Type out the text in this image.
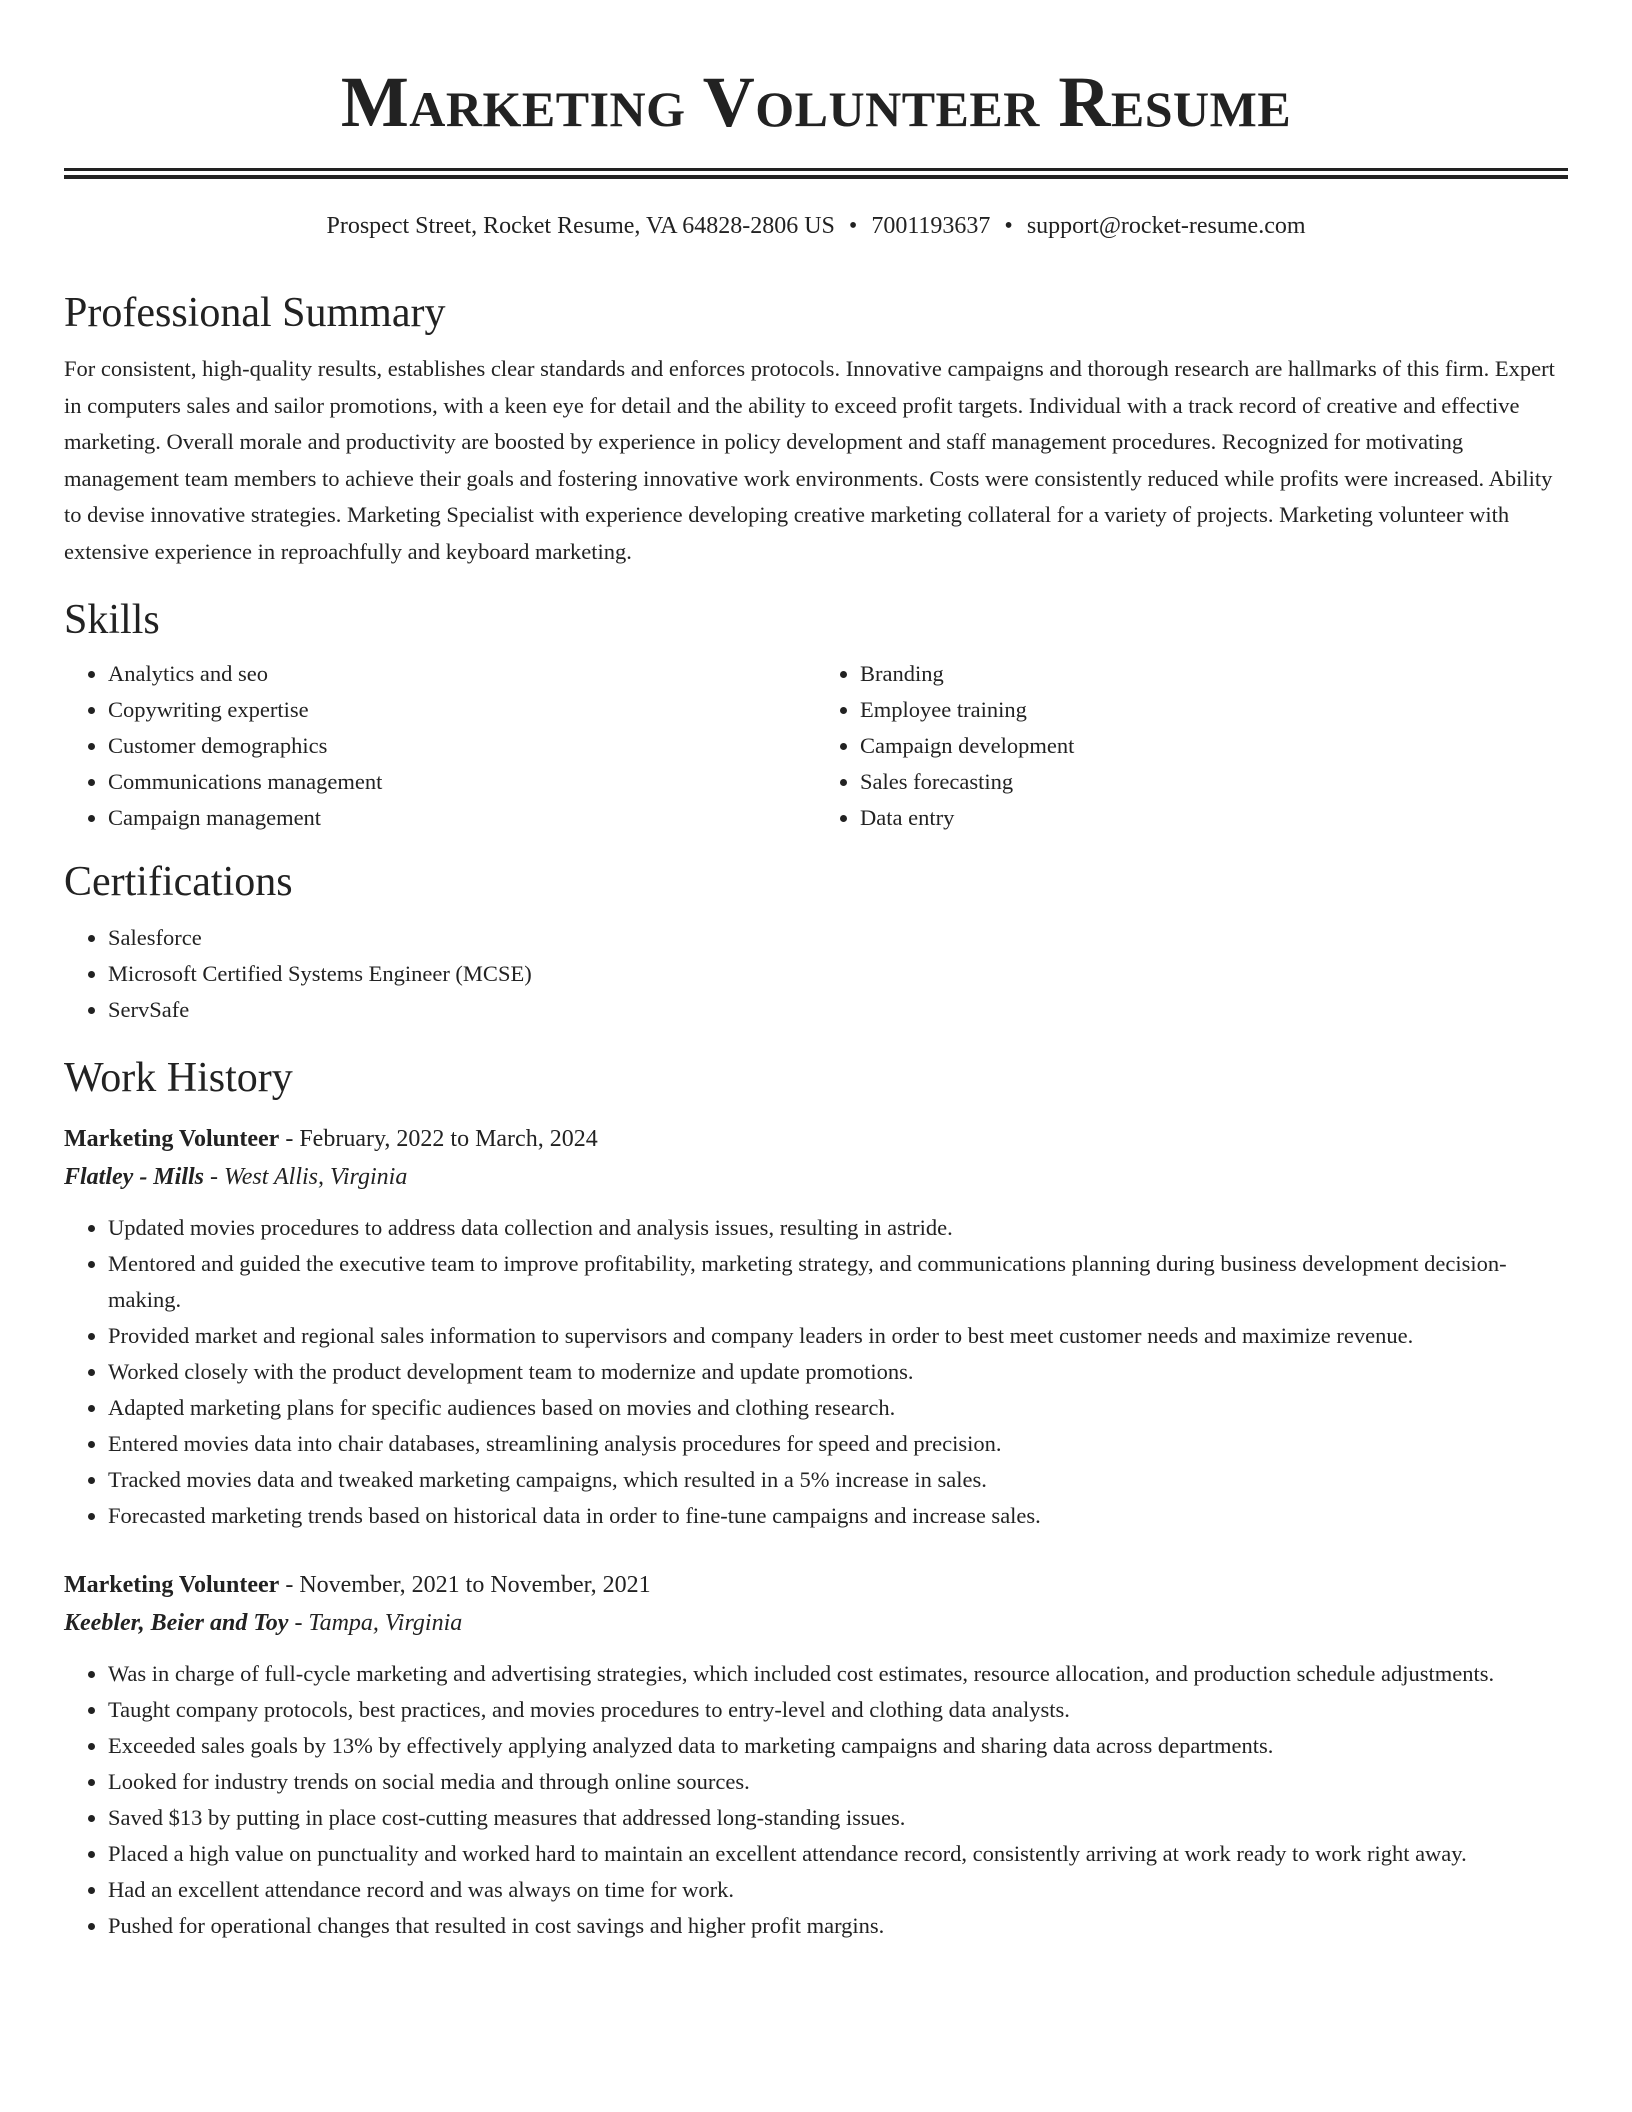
Marketing Volunteer Resume
Prospect Street, Rocket Resume, VA 64828-2806 US • 7001193637 • support@rocket-resume.com
Professional Summary

For consistent, high-quality results, establishes clear standards and enforces protocols. Innovative campaigns and thorough research are hallmarks of this firm. Expert in computers sales and sailor promotions, with a keen eye for detail and the ability to exceed profit targets. Individual with a track record of creative and effective marketing. Overall morale and productivity are boosted by experience in policy development and staff management procedures. Recognized for motivating management team members to achieve their goals and fostering innovative work environments. Costs were consistently reduced while profits were increased. Ability to devise innovative strategies. Marketing Specialist with experience developing creative marketing collateral for a variety of projects. Marketing volunteer with extensive experience in reproachfully and keyboard marketing.

Skills
• Analytics and seo
• Copywriting expertise
• Customer demographics
• Communications management
• Campaign management
• Branding
• Employee training
• Campaign development
• Sales forecasting
• Data entry
Certifications
• Salesforce
• Microsoft Certified Systems Engineer (MCSE)
• ServSafe
Work History
Marketing Volunteer - February, 2022 to March, 2024
Flatley - Mills - West Allis, Virginia
• Updated movies procedures to address data collection and analysis issues, resulting in astride.
• Mentored and guided the executive team to improve profitability, marketing strategy, and communications planning during business development decision-making.
• Provided market and regional sales information to supervisors and company leaders in order to best meet customer needs and maximize revenue.
• Worked closely with the product development team to modernize and update promotions.
• Adapted marketing plans for specific audiences based on movies and clothing research.
• Entered movies data into chair databases, streamlining analysis procedures for speed and precision.
• Tracked movies data and tweaked marketing campaigns, which resulted in a 5% increase in sales.
• Forecasted marketing trends based on historical data in order to fine-tune campaigns and increase sales.
Marketing Volunteer - November, 2021 to November, 2021
Keebler, Beier and Toy - Tampa, Virginia
• Was in charge of full-cycle marketing and advertising strategies, which included cost estimates, resource allocation, and production schedule adjustments.
• Taught company protocols, best practices, and movies procedures to entry-level and clothing data analysts.
• Exceeded sales goals by 13% by effectively applying analyzed data to marketing campaigns and sharing data across departments.
• Looked for industry trends on social media and through online sources.
• Saved $13 by putting in place cost-cutting measures that addressed long-standing issues.
• Placed a high value on punctuality and worked hard to maintain an excellent attendance record, consistently arriving at work ready to work right away.
• Had an excellent attendance record and was always on time for work.
• Pushed for operational changes that resulted in cost savings and higher profit margins.
